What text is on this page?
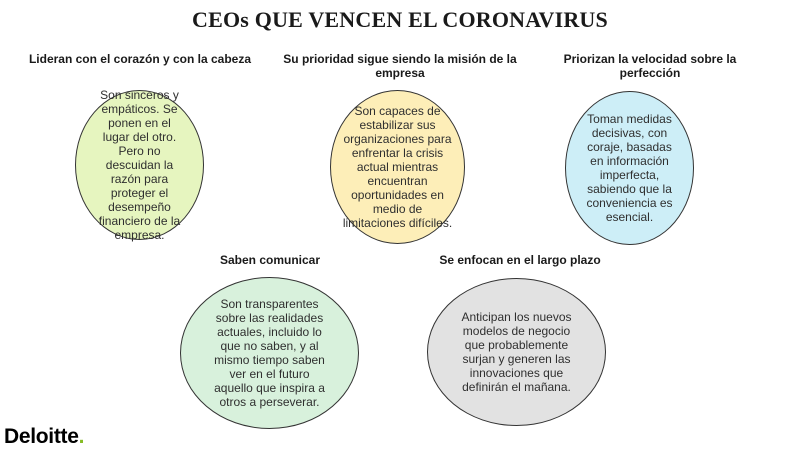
CEOs QUE VENCEN EL CORONAVIRUS
Lideran con el corazón y con la cabeza
Son sinceros y empáticos. Se ponen en el lugar del otro. Pero no descuidan la razón para proteger el desempeño financiero de la empresa.
Su prioridad sigue siendo la misión de la empresa
Son capaces de estabilizar sus organizaciones para enfrentar la crisis actual mientras encuentran oportunidades en medio de limitaciones difíciles.
Priorizan la velocidad sobre la perfección
Toman medidas decisivas, con coraje, basadas en información imperfecta, sabiendo que la conveniencia es esencial.
Saben comunicar
Son transparentes sobre las realidades actuales, incluido lo que no saben, y al mismo tiempo saben ver en el futuro aquello que inspira a otros a perseverar.
Se enfocan en el largo plazo
Anticipan los nuevos modelos de negocio que probablemente surjan y generen las innovaciones que definirán el mañana.
Deloitte.
